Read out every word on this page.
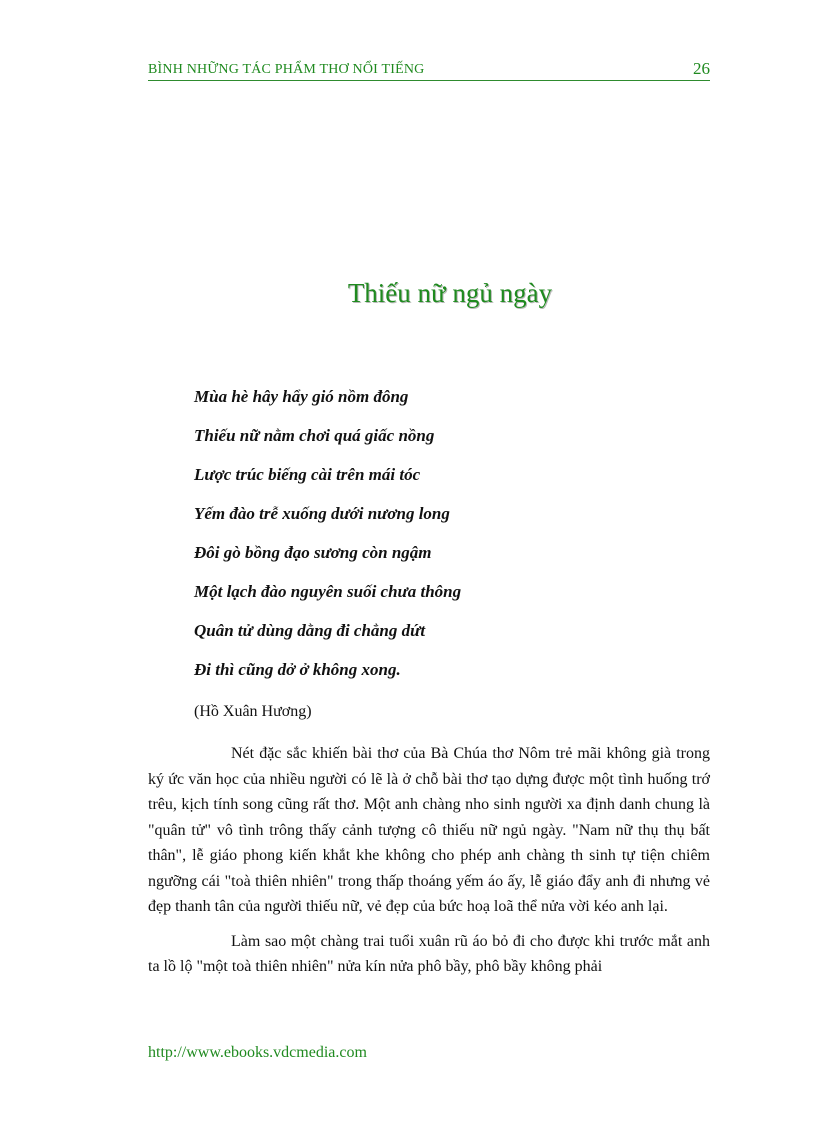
BÌNH NHỮNG TÁC PHẨM THƠ NỔI TIẾNG	26
Thiếu nữ ngủ ngày
Mùa hè hây hẩy gió nồm đông
Thiếu nữ nằm chơi quá giấc nồng
Lược trúc biếng cài trên mái tóc
Yếm đào trễ xuống dưới nương long
Đôi gò bồng đạo sương còn ngậm
Một lạch đào nguyên suối chưa thông
Quân tử dùng dằng đi chẳng dứt
Đi thì cũng dở ở không xong.
(Hồ Xuân Hương)

Nét đặc sắc khiến bài thơ của Bà Chúa thơ Nôm trẻ mãi không già trong ký ức văn học của nhiều người có lẽ là ở chỗ bài thơ tạo dựng được một tình huống trớ trêu, kịch tính song cũng rất thơ. Một anh chàng nho sinh người xa định danh chung là "quân tử" vô tình trông thấy cảnh tượng cô thiếu nữ ngủ ngày. "Nam nữ thụ thụ bất thân", lễ giáo phong kiến khắt khe không cho phép anh chàng th sinh tự tiện chiêm ngưỡng cái "toà thiên nhiên" trong thấp thoáng yếm áo ấy, lễ giáo đẩy anh đi nhưng vẻ đẹp thanh tân của người thiếu nữ, vẻ đẹp của bức hoạ loã thể nửa vời kéo anh lại.

Làm sao một chàng trai tuổi xuân rũ áo bỏ đi cho được khi trước mắt anh ta lồ lộ "một toà thiên nhiên" nửa kín nửa phô bầy, phô bầy không phải

http://www.ebooks.vdcmedia.com
